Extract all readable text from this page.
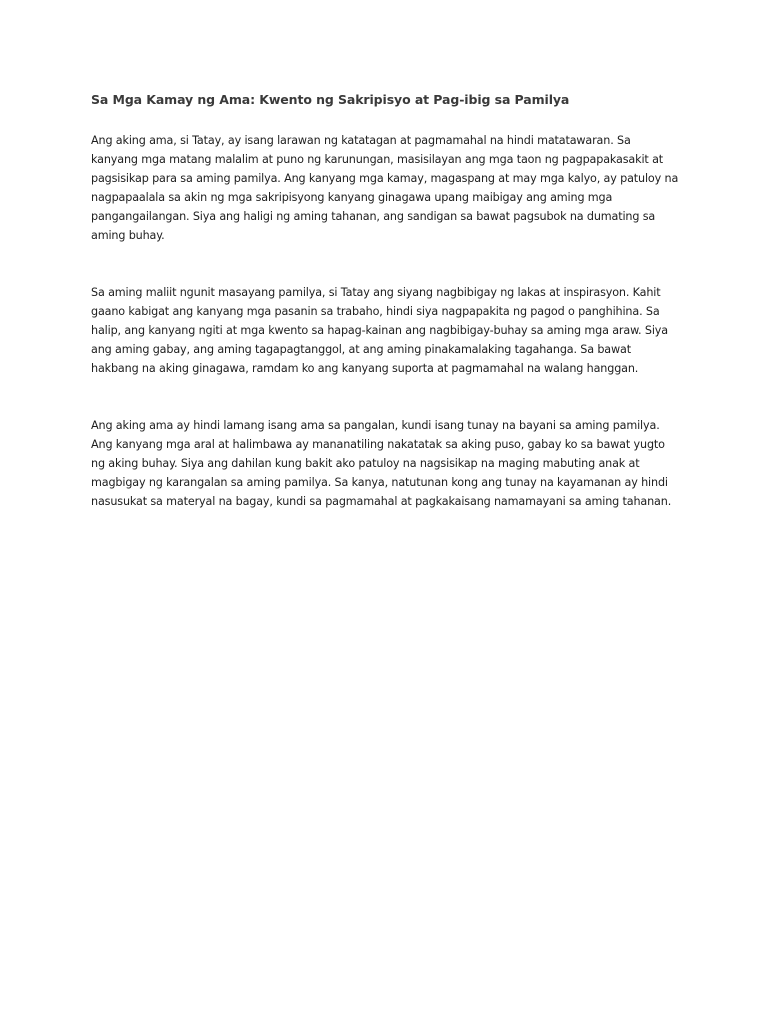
Sa Mga Kamay ng Ama: Kwento ng Sakripisyo at Pag-ibig sa Pamilya

Ang aking ama, si Tatay, ay isang larawan ng katatagan at pagmamahal na hindi matatawaran. Sa
kanyang mga matang malalim at puno ng karunungan, masisilayan ang mga taon ng pagpapakasakit at
pagsisikap para sa aming pamilya. Ang kanyang mga kamay, magaspang at may mga kalyo, ay patuloy na
nagpapaalala sa akin ng mga sakripisyong kanyang ginagawa upang maibigay ang aming mga
pangangailangan. Siya ang haligi ng aming tahanan, ang sandigan sa bawat pagsubok na dumating sa
aming buhay.

Sa aming maliit ngunit masayang pamilya, si Tatay ang siyang nagbibigay ng lakas at inspirasyon. Kahit
gaano kabigat ang kanyang mga pasanin sa trabaho, hindi siya nagpapakita ng pagod o panghihina. Sa
halip, ang kanyang ngiti at mga kwento sa hapag-kainan ang nagbibigay-buhay sa aming mga araw. Siya
ang aming gabay, ang aming tagapagtanggol, at ang aming pinakamalaking tagahanga. Sa bawat
hakbang na aking ginagawa, ramdam ko ang kanyang suporta at pagmamahal na walang hanggan.

Ang aking ama ay hindi lamang isang ama sa pangalan, kundi isang tunay na bayani sa aming pamilya.
Ang kanyang mga aral at halimbawa ay mananatiling nakatatak sa aking puso, gabay ko sa bawat yugto
ng aking buhay. Siya ang dahilan kung bakit ako patuloy na nagsisikap na maging mabuting anak at
magbigay ng karangalan sa aming pamilya. Sa kanya, natutunan kong ang tunay na kayamanan ay hindi
nasusukat sa materyal na bagay, kundi sa pagmamahal at pagkakaisang namamayani sa aming tahanan.
